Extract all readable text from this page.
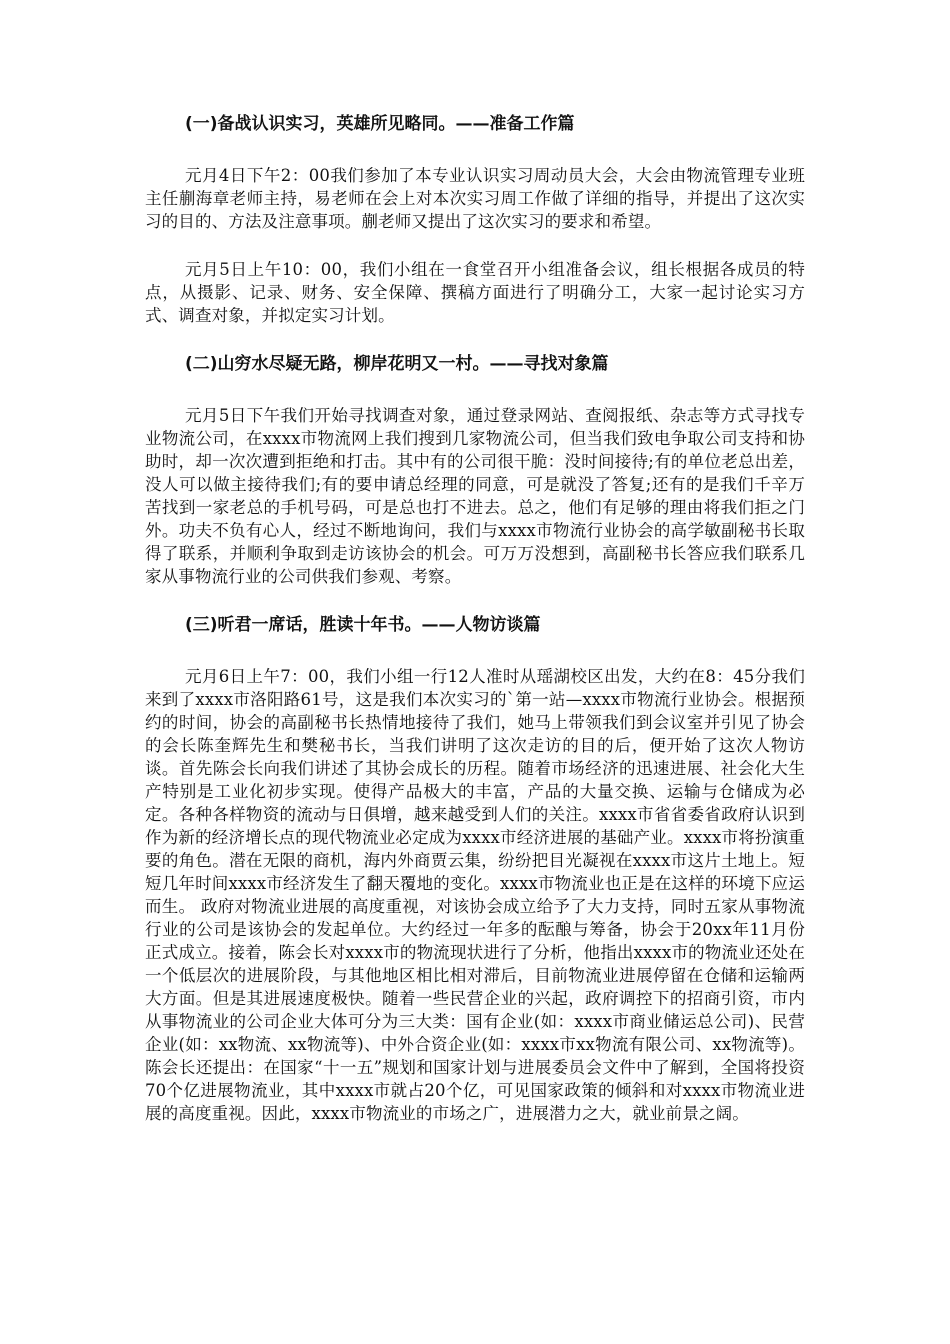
(一)备战认识实习，英雄所见略同。——准备工作篇

元月4日下午2：00我们参加了本专业认识实习周动员大会，大会由物流管理专业班主任蒯海章老师主持，易老师在会上对本次实习周工作做了详细的指导，并提出了这次实习的目的、方法及注意事项。蒯老师又提出了这次实习的要求和希望。

元月5日上午10：00，我们小组在一食堂召开小组准备会议，组长根据各成员的特点，从摄影、记录、财务、安全保障、撰稿方面进行了明确分工，大家一起讨论实习方式、调查对象，并拟定实习计划。

(二)山穷水尽疑无路，柳岸花明又一村。——寻找对象篇

元月5日下午我们开始寻找调查对象，通过登录网站、查阅报纸、杂志等方式寻找专业物流公司，在xxxx市物流网上我们搜到几家物流公司，但当我们致电争取公司支持和协助时，却一次次遭到拒绝和打击。其中有的公司很干脆：没时间接待;有的单位老总出差，没人可以做主接待我们;有的要申请总经理的同意，可是就没了答复;还有的是我们千辛万苦找到一家老总的手机号码，可是总也打不进去。总之，他们有足够的理由将我们拒之门外。功夫不负有心人，经过不断地询问，我们与xxxx市物流行业协会的高学敏副秘书长取得了联系，并顺利争取到走访该协会的机会。可万万没想到，高副秘书长答应我们联系几家从事物流行业的公司供我们参观、考察。

(三)听君一席话，胜读十年书。——人物访谈篇

元月6日上午7：00，我们小组一行12人准时从瑶湖校区出发，大约在8：45分我们来到了xxxx市洛阳路61号，这是我们本次实习的`第一站—xxxx市物流行业协会。根据预约的时间，协会的高副秘书长热情地接待了我们，她马上带领我们到会议室并引见了协会的会长陈奎辉先生和樊秘书长，当我们讲明了这次走访的目的后，便开始了这次人物访谈。首先陈会长向我们讲述了其协会成长的历程。随着市场经济的迅速进展、社会化大生产特别是工业化初步实现。使得产品极大的丰富，产品的大量交换、运输与仓储成为必定。各种各样物资的流动与日俱增，越来越受到人们的关注。xxxx市省省委省政府认识到作为新的经济增长点的现代物流业必定成为xxxx市经济进展的基础产业。xxxx市将扮演重要的角色。潜在无限的商机，海内外商贾云集，纷纷把目光凝视在xxxx市这片土地上。短短几年时间xxxx市经济发生了翻天覆地的变化。xxxx市物流业也正是在这样的环境下应运而生。 政府对物流业进展的高度重视，对该协会成立给予了大力支持，同时五家从事物流行业的公司是该协会的发起单位。大约经过一年多的酝酿与筹备，协会于20xx年11月份正式成立。接着，陈会长对xxxx市的物流现状进行了分析，他指出xxxx市的物流业还处在一个低层次的进展阶段，与其他地区相比相对滞后，目前物流业进展停留在仓储和运输两大方面。但是其进展速度极快。随着一些民营企业的兴起，政府调控下的招商引资，市内从事物流业的公司企业大体可分为三大类：国有企业(如：xxxx市商业储运总公司)、民营企业(如：xx物流、xx物流等)、中外合资企业(如：xxxx市xx物流有限公司、xx物流等)。陈会长还提出：在国家“十一五”规划和国家计划与进展委员会文件中了解到，全国将投资70个亿进展物流业，其中xxxx市就占20个亿，可见国家政策的倾斜和对xxxx市物流业进展的高度重视。因此，xxxx市物流业的市场之广，进展潜力之大，就业前景之阔。
